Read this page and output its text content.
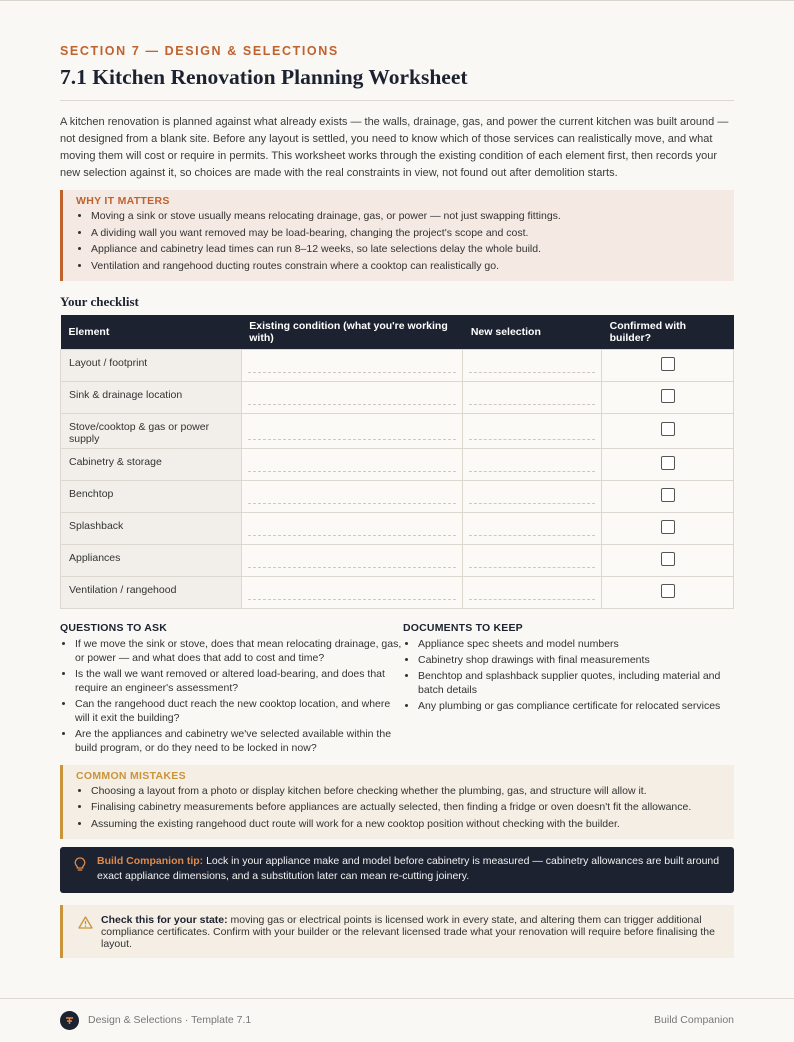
SECTION 7 — DESIGN & SELECTIONS
7.1 Kitchen Renovation Planning Worksheet

A kitchen renovation is planned against what already exists — the walls, drainage, gas, and power the current kitchen was built around — not designed from a blank site. Before any layout is settled, you need to know which of those services can realistically move, and what moving them will cost or require in permits. This worksheet works through the existing condition of each element first, then records your new selection against it, so choices are made with the real constraints in view, not found out after demolition starts.

WHY IT MATTERS
• Moving a sink or stove usually means relocating drainage, gas, or power — not just swapping fittings.
• A dividing wall you want removed may be load-bearing, changing the project's scope and cost.
• Appliance and cabinetry lead times can run 8–12 weeks, so late selections delay the whole build.
• Ventilation and rangehood ducting routes constrain where a cooktop can realistically go.
Your checklist
Element	Existing condition (what you're working with)	New selection	Confirmed with builder?
Layout / footprint	

Sink & drainage location	

Stove/cooktop & gas or power supply	

Cabinetry & storage	

Benchtop	

Splashback	

Appliances	

Ventilation / rangehood	

QUESTIONS TO ASK
• If we move the sink or stove, does that mean relocating drainage, gas, or power — and what does that add to cost and time?
• Is the wall we want removed or altered load-bearing, and does that require an engineer's assessment?
• Can the rangehood duct reach the new cooktop location, and where will it exit the building?
• Are the appliances and cabinetry we've selected available within the build program, or do they need to be locked in now?
DOCUMENTS TO KEEP
• Appliance spec sheets and model numbers
• Cabinetry shop drawings with final measurements
• Benchtop and splashback supplier quotes, including material and batch details
• Any plumbing or gas compliance certificate for relocated services
COMMON MISTAKES
• Choosing a layout from a photo or display kitchen before checking whether the plumbing, gas, and structure will allow it.
• Finalising cabinetry measurements before appliances are actually selected, then finding a fridge or oven doesn't fit the allowance.
• Assuming the existing rangehood duct route will work for a new cooktop position without checking with the builder.
Build Companion tip: Lock in your appliance make and model before cabinetry is measured — cabinetry allowances are built around exact appliance dimensions, and a substitution later can mean re-cutting joinery.
Check this for your state: moving gas or electrical points is licensed work in every state, and altering them can trigger additional compliance certificates. Confirm with your builder or the relevant licensed trade what your renovation will require before finalising the layout.
Design & Selections · Template 7.1	Build Companion
